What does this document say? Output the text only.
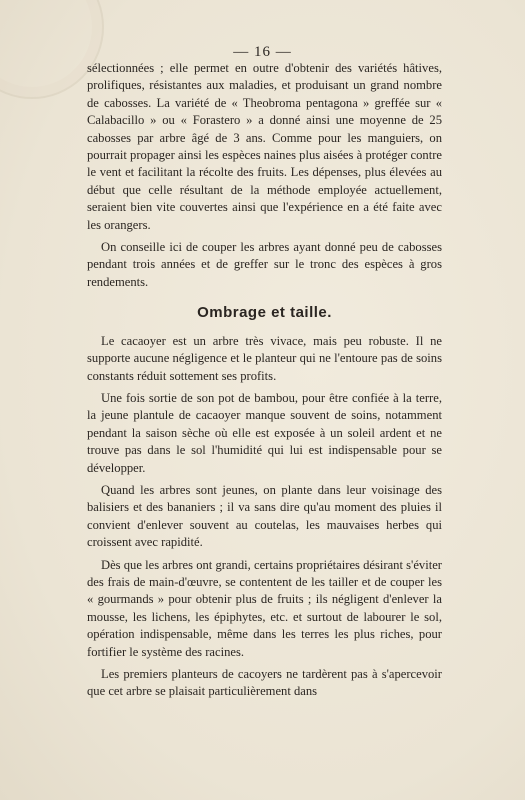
— 16 —

sélectionnées ; elle permet en outre d'obtenir des variétés hâtives, prolifiques, résistantes aux maladies, et produisant un grand nombre de cabosses. La variété de « Theobroma pentagona » greffée sur « Calabacillo » ou « Forastero » a donné ainsi une moyenne de 25 cabosses par arbre âgé de 3 ans. Comme pour les manguiers, on pourrait propager ainsi les espèces naines plus aisées à protéger contre le vent et facilitant la récolte des fruits. Les dépenses, plus élevées au début que celle résultant de la méthode employée actuellement, seraient bien vite couvertes ainsi que l'expérience en a été faite avec les orangers.

On conseille ici de couper les arbres ayant donné peu de cabosses pendant trois années et de greffer sur le tronc des espèces à gros rendements.

Ombrage et taille.

Le cacaoyer est un arbre très vivace, mais peu robuste. Il ne supporte aucune négligence et le planteur qui ne l'entoure pas de soins constants réduit sottement ses profits.

Une fois sortie de son pot de bambou, pour être confiée à la terre, la jeune plantule de cacaoyer manque souvent de soins, notamment pendant la saison sèche où elle est exposée à un soleil ardent et ne trouve pas dans le sol l'humidité qui lui est indispensable pour se développer.

Quand les arbres sont jeunes, on plante dans leur voisinage des balisiers et des bananiers ; il va sans dire qu'au moment des pluies il convient d'enlever souvent au coutelas, les mauvaises herbes qui croissent avec rapidité.

Dès que les arbres ont grandi, certains propriétaires désirant s'éviter des frais de main-d'œuvre, se contentent de les tailler et de couper les « gourmands » pour obtenir plus de fruits ; ils négligent d'enlever la mousse, les lichens, les épiphytes, etc. et surtout de labourer le sol, opération indispensable, même dans les terres les plus riches, pour fortifier le système des racines.

Les premiers planteurs de cacoyers ne tardèrent pas à s'apercevoir que cet arbre se plaisait particulièrement dans
